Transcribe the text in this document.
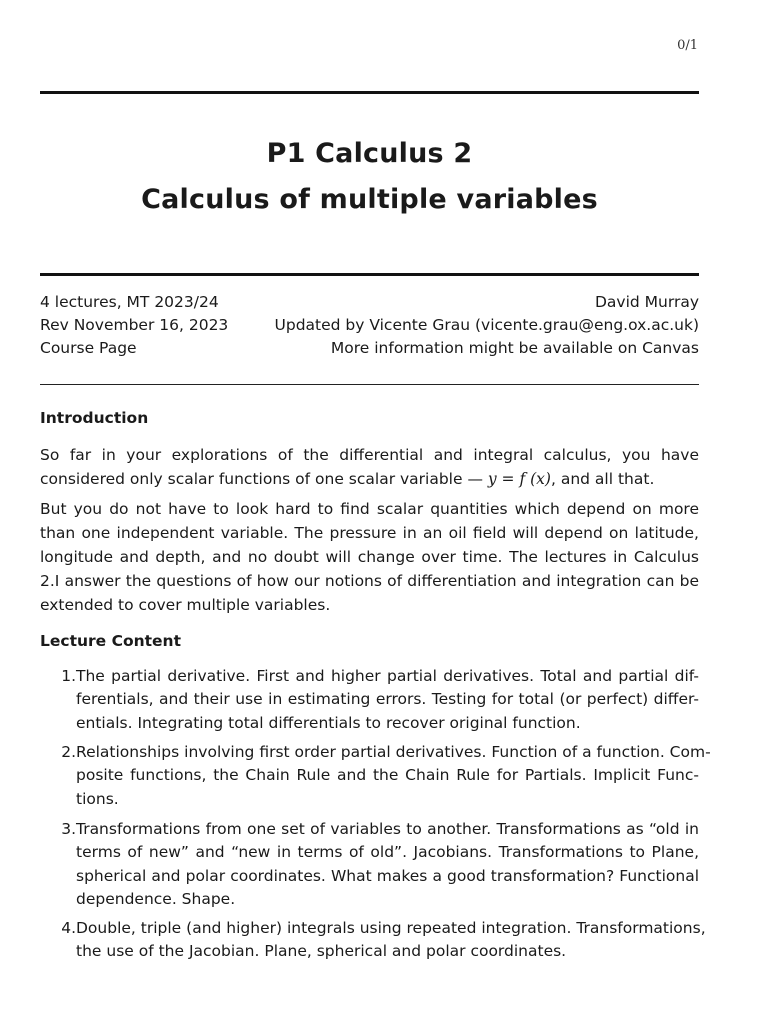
0/1
P1 Calculus 2
Calculus of multiple variables
4 lectures, MT 2023/24	David Murray
Rev November 16, 2023	Updated by Vicente Grau (vicente.grau@eng.ox.ac.uk)
Course Page	More information might be available on Canvas
Introduction

So far in your explorations of the differential and integral calculus, you have considered only scalar functions of one scalar variable — y = f (x), and all that.

But you do not have to look hard to find scalar quantities which depend on more than one independent variable. The pressure in an oil field will depend on latitude, longitude and depth, and no doubt will change over time. The lectures in Calculus 2.I answer the questions of how our notions of differentiation and integration can be extended to cover multiple variables.

Lecture Content
1. The partial derivative. First and higher partial derivatives. Total and partial dif-
ferentials, and their use in estimating errors. Testing for total (or perfect) differ-
entials. Integrating total differentials to recover original function.
2. Relationships involving first order partial derivatives. Function of a function. Com-
posite functions, the Chain Rule and the Chain Rule for Partials. Implicit Func-
tions.
3. Transformations from one set of variables to another. Transformations as “old in
terms of new” and “new in terms of old”. Jacobians. Transformations to Plane,
spherical and polar coordinates. What makes a good transformation? Functional
dependence. Shape.
4. Double, triple (and higher) integrals using repeated integration. Transformations,
the use of the Jacobian. Plane, spherical and polar coordinates.
